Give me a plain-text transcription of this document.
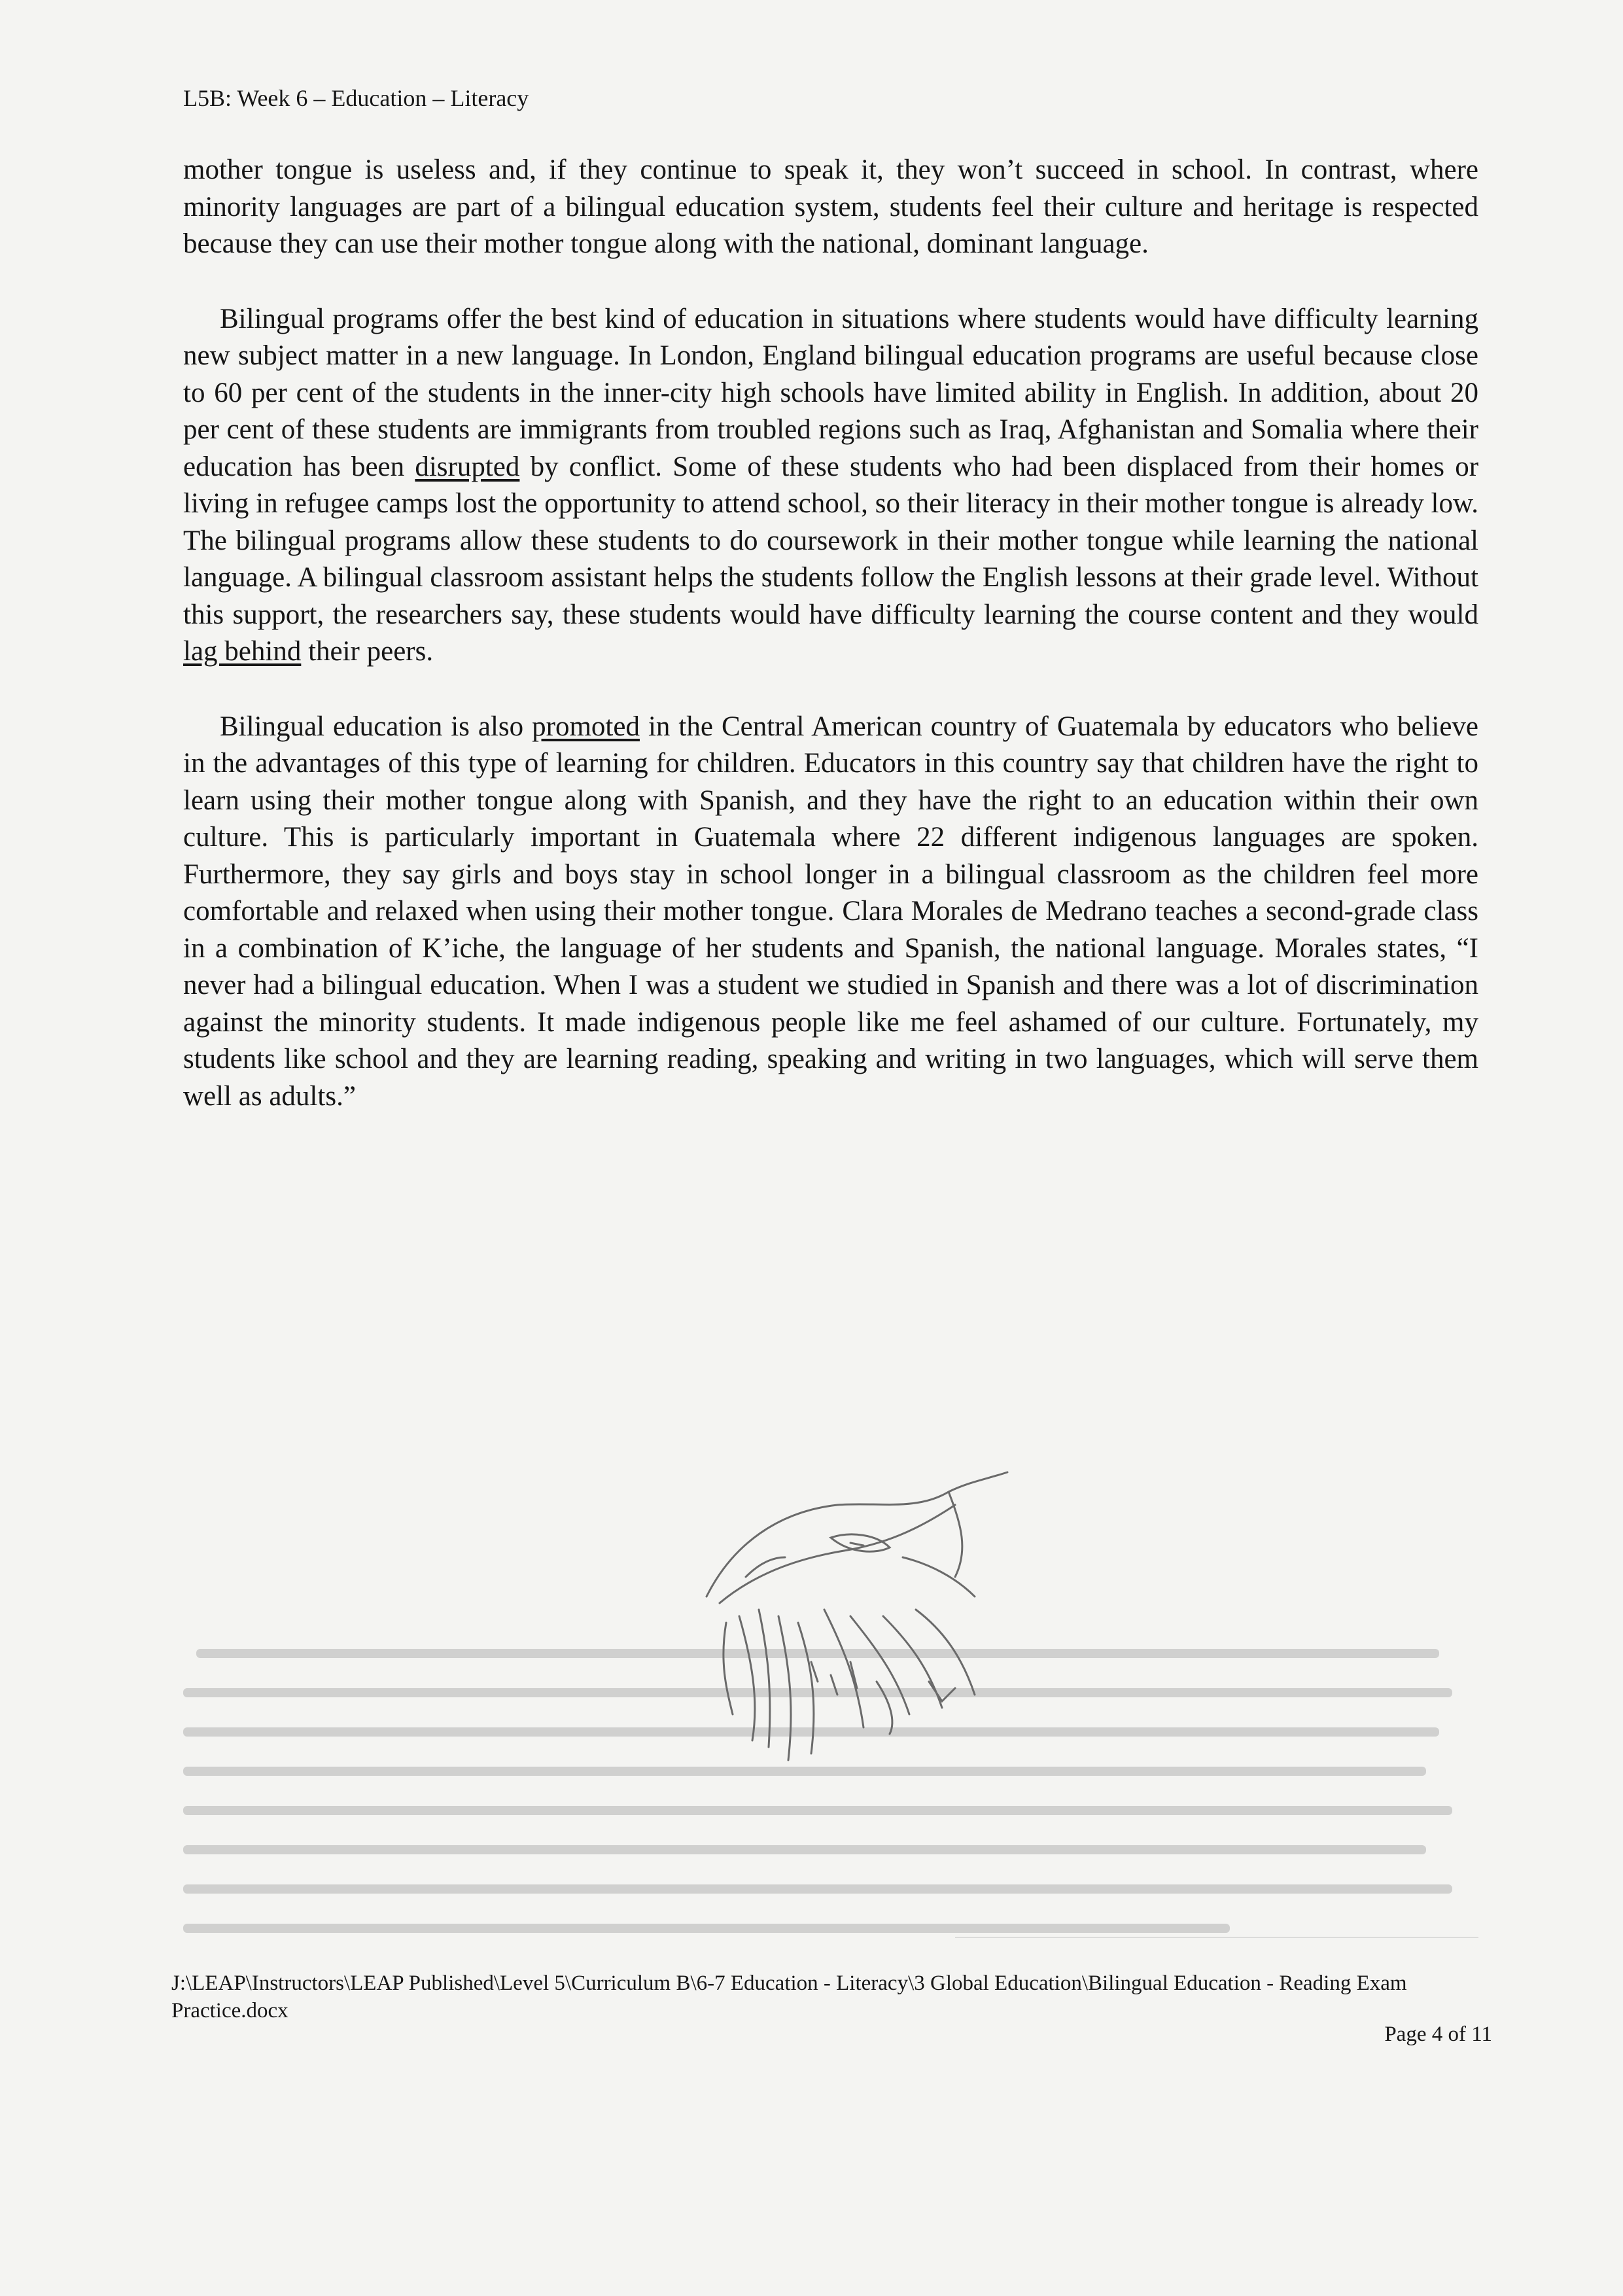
L5B: Week 6 – Education – Literacy

mother tongue is useless and, if they continue to speak it, they won’t succeed in school. In contrast, where minority languages are part of a bilingual education system, students feel their culture and heritage is respected because they can use their mother tongue along with the national, dominant language.

Bilingual programs offer the best kind of education in situations where students would have difficulty learning new subject matter in a new language. In London, England bilingual education programs are useful because close to 60 per cent of the students in the inner-city high schools have limited ability in English. In addition, about 20 per cent of these students are immigrants from troubled regions such as Iraq, Afghanistan and Somalia where their education has been disrupted by conflict. Some of these students who had been displaced from their homes or living in refugee camps lost the opportunity to attend school, so their literacy in their mother tongue is already low. The bilingual programs allow these students to do coursework in their mother tongue while learning the national language. A bilingual classroom assistant helps the students follow the English lessons at their grade level. Without this support, the researchers say, these students would have difficulty learning the course content and they would lag behind their peers.

Bilingual education is also promoted in the Central American country of Guatemala by educators who believe in the advantages of this type of learning for children. Educators in this country say that children have the right to learn using their mother tongue along with Spanish, and they have the right to an education within their own culture. This is particularly important in Guatemala where 22 different indigenous languages are spoken. Furthermore, they say girls and boys stay in school longer in a bilingual classroom as the children feel more comfortable and relaxed when using their mother tongue. Clara Morales de Medrano teaches a second-grade class in a combination of K’iche, the language of her students and Spanish, the national language. Morales states, “I never had a bilingual education. When I was a student we studied in Spanish and there was a lot of discrimination against the minority students. It made indigenous people like me feel ashamed of our culture. Fortunately, my students like school and they are learning reading, speaking and writing in two languages, which will serve them well as adults.”

J:\LEAP\Instructors\LEAP Published\Level 5\Curriculum B\6-7 Education - Literacy\3 Global Education\Bilingual Education - Reading Exam Practice.docx
Page 4 of 11
